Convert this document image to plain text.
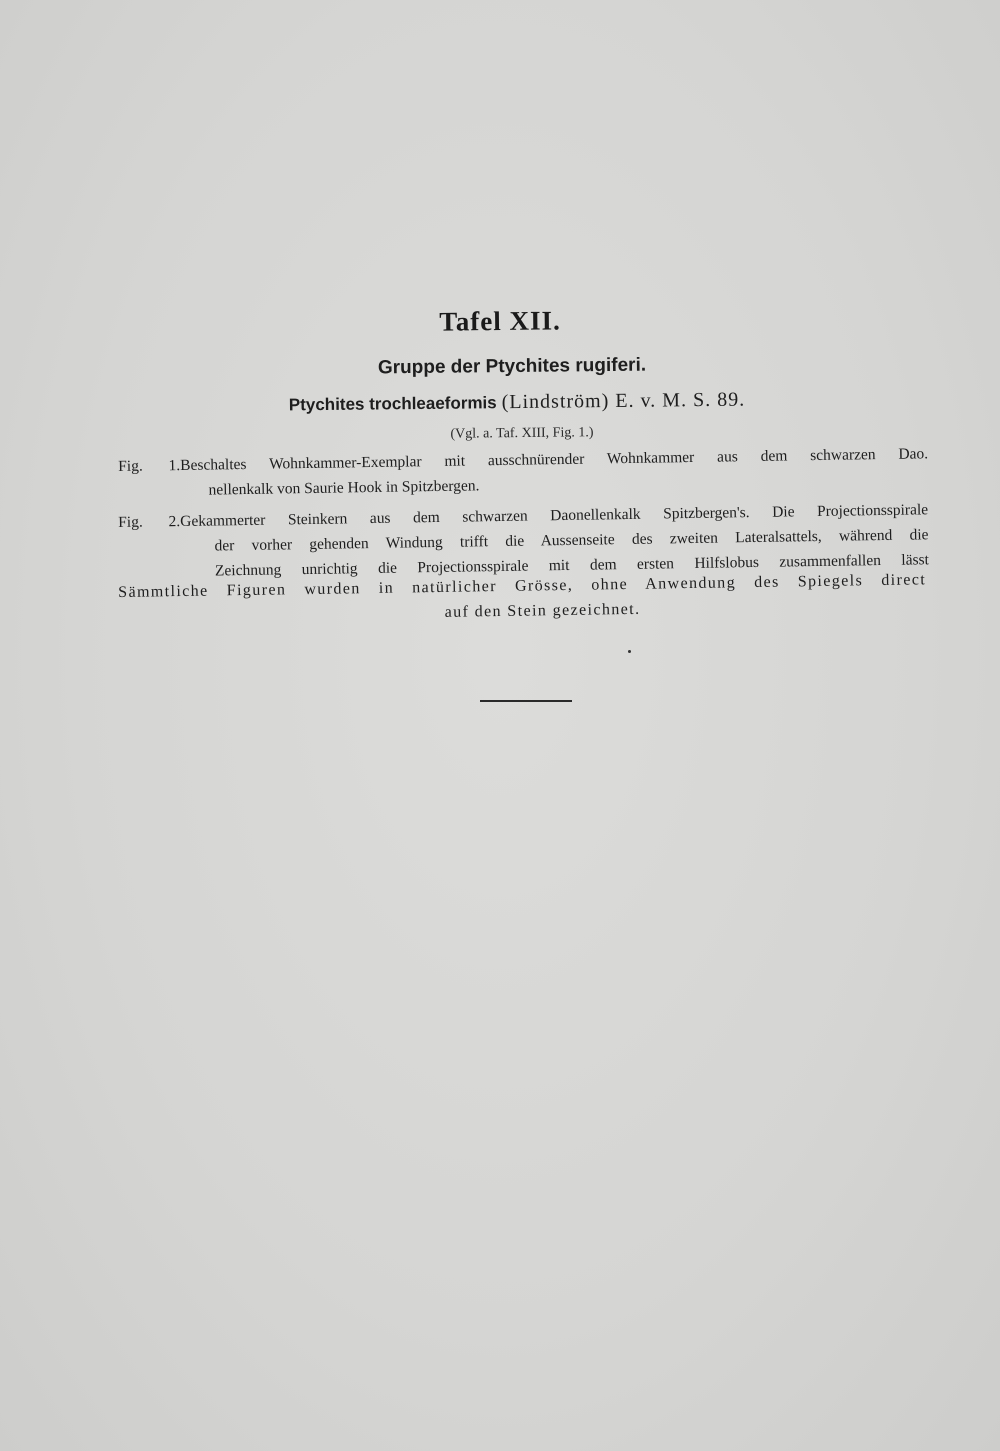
Tafel XII.
Gruppe der Ptychites rugiferi.
Ptychites trochleaeformis (Lindström) E. v. M. S. 89.
(Vgl. a. Taf. XIII, Fig. 1.)
Fig. 1.Beschaltes Wohnkammer-Exemplar mit ausschnürender Wohnkammer aus dem schwarzen Dao.
nellenkalk von Saurie Hook in Spitzbergen.
Fig. 2.Gekammerter Steinkern aus dem schwarzen Daonellenkalk Spitzbergen's. Die Projectionsspirale
der vorher gehenden Windung trifft die Aussenseite des zweiten Lateralsattels, während die
Zeichnung unrichtig die Projectionsspirale mit dem ersten Hilfslobus zusammenfallen lässt
Sämmtliche Figuren wurden in natürlicher Grösse, ohne Anwendung des Spiegels direct
auf den Stein gezeichnet.
